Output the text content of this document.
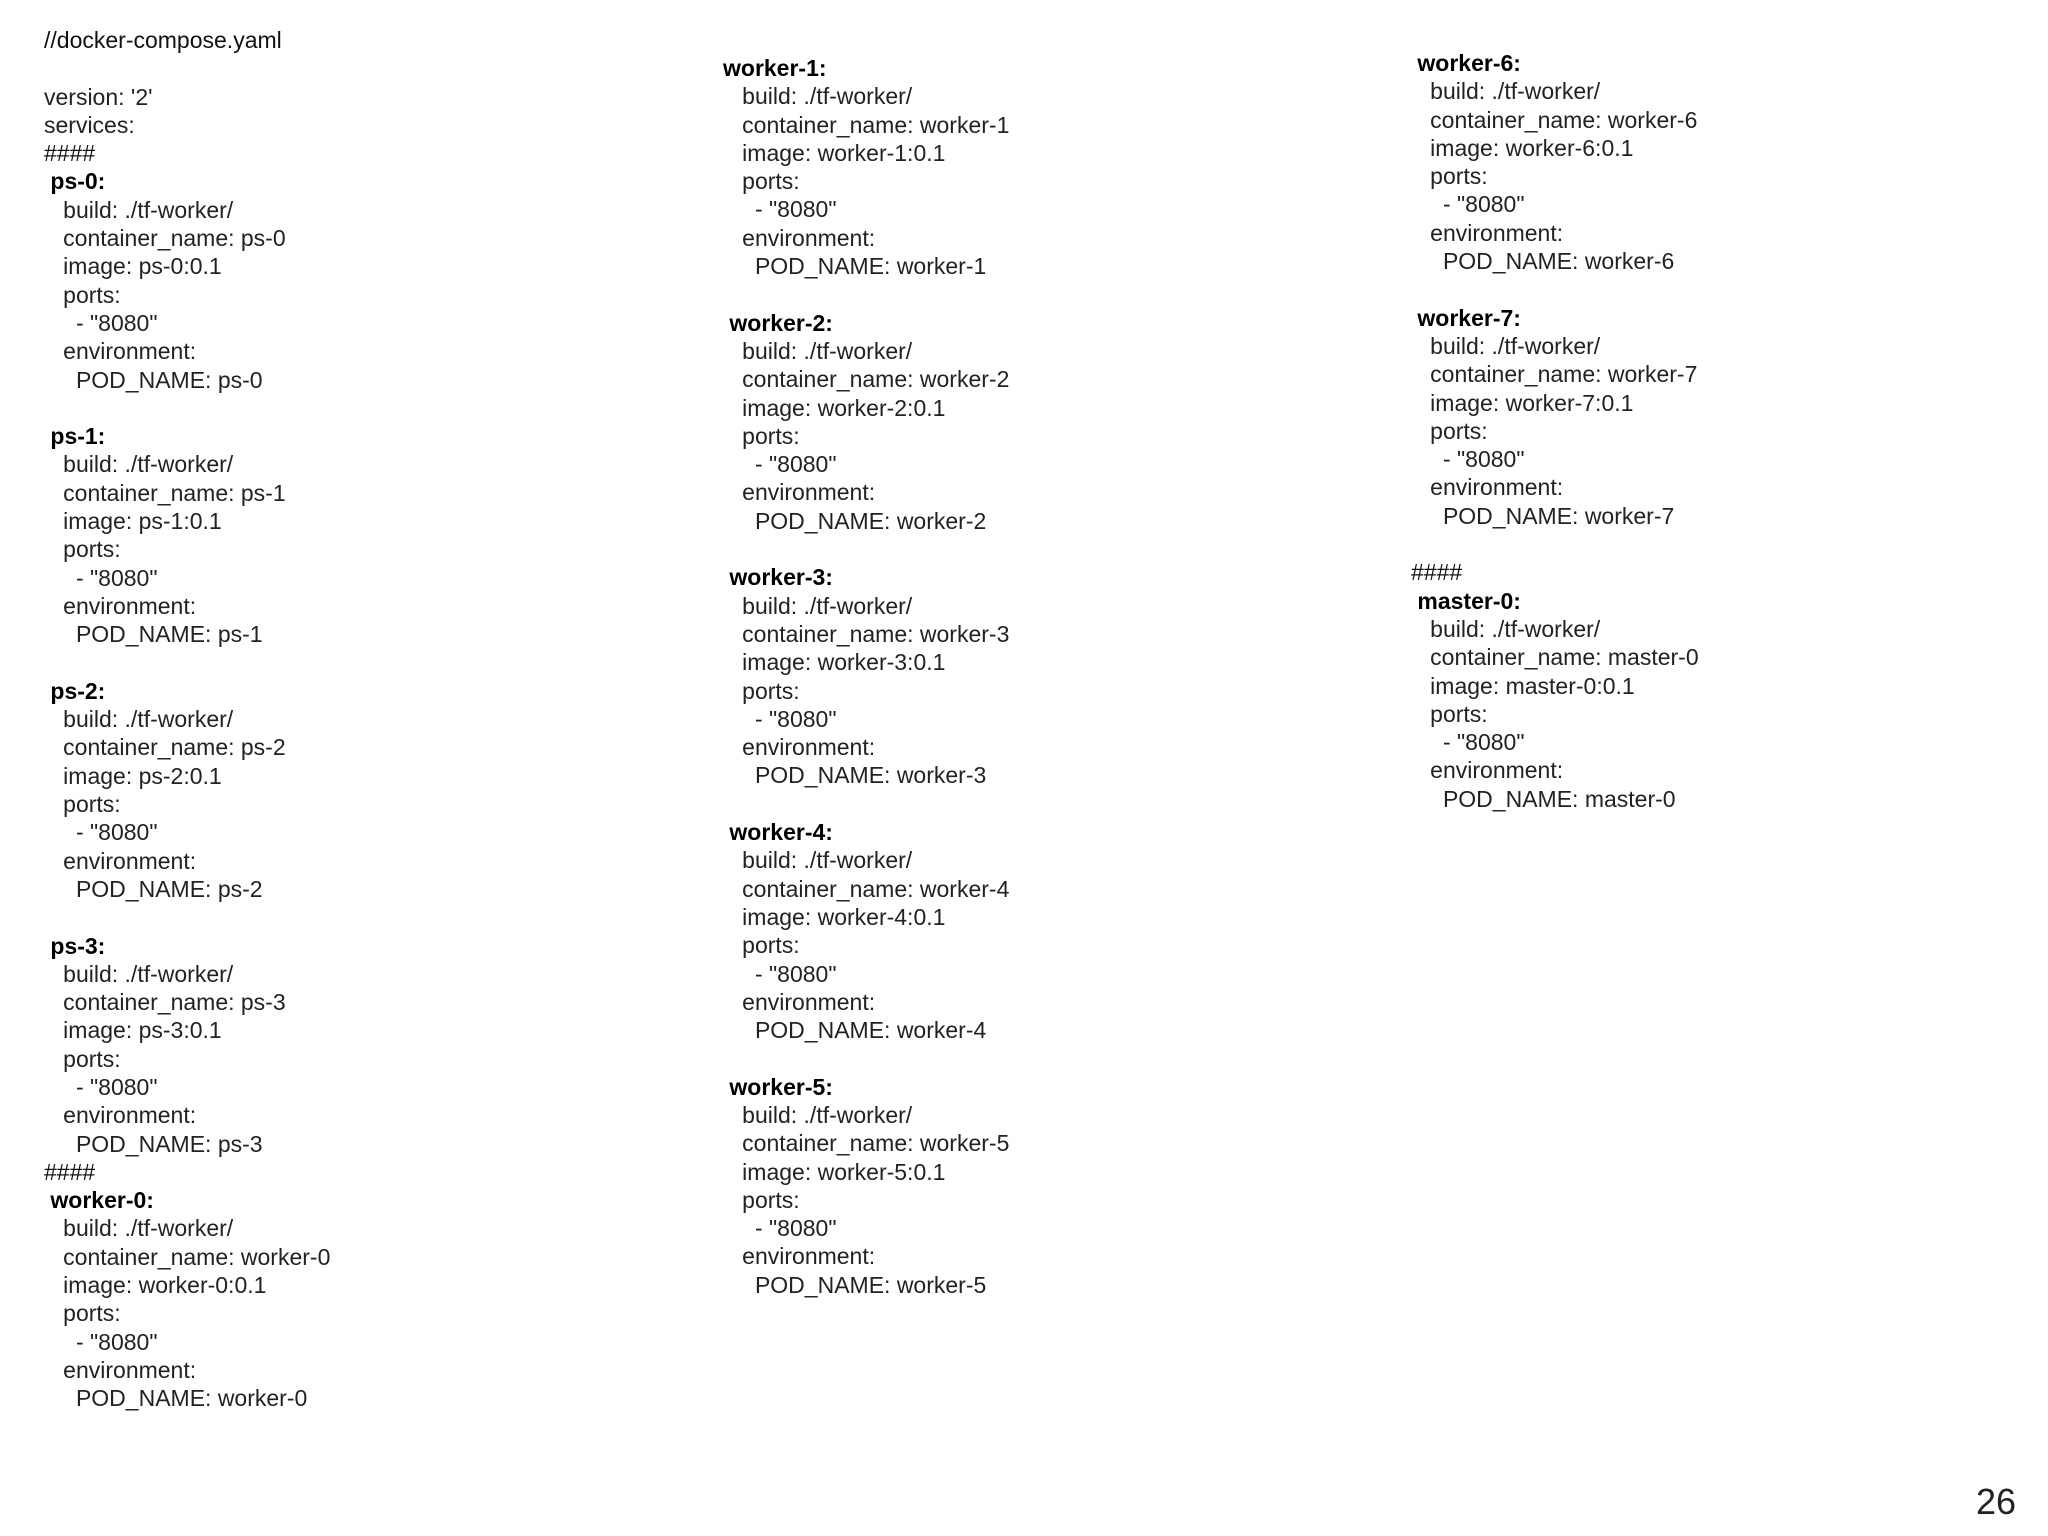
//docker-compose.yaml
version: '2'
services:
####
ps-0:
build: ./tf-worker/
container_name: ps-0
image: ps-0:0.1
ports:
- "8080"
environment:
POD_NAME: ps-0
ps-1:
build: ./tf-worker/
container_name: ps-1
image: ps-1:0.1
ports:
- "8080"
environment:
POD_NAME: ps-1
ps-2:
build: ./tf-worker/
container_name: ps-2
image: ps-2:0.1
ports:
- "8080"
environment:
POD_NAME: ps-2
ps-3:
build: ./tf-worker/
container_name: ps-3
image: ps-3:0.1
ports:
- "8080"
environment:
POD_NAME: ps-3
####
worker-0:
build: ./tf-worker/
container_name: worker-0
image: worker-0:0.1
ports:
- "8080"
environment:
POD_NAME: worker-0
worker-1:
build: ./tf-worker/
container_name: worker-1
image: worker-1:0.1
ports:
- "8080"
environment:
POD_NAME: worker-1
worker-2:
build: ./tf-worker/
container_name: worker-2
image: worker-2:0.1
ports:
- "8080"
environment:
POD_NAME: worker-2
worker-3:
build: ./tf-worker/
container_name: worker-3
image: worker-3:0.1
ports:
- "8080"
environment:
POD_NAME: worker-3
worker-4:
build: ./tf-worker/
container_name: worker-4
image: worker-4:0.1
ports:
- "8080"
environment:
POD_NAME: worker-4
worker-5:
build: ./tf-worker/
container_name: worker-5
image: worker-5:0.1
ports:
- "8080"
environment:
POD_NAME: worker-5
worker-6:
build: ./tf-worker/
container_name: worker-6
image: worker-6:0.1
ports:
- "8080"
environment:
POD_NAME: worker-6
worker-7:
build: ./tf-worker/
container_name: worker-7
image: worker-7:0.1
ports:
- "8080"
environment:
POD_NAME: worker-7
####
master-0:
build: ./tf-worker/
container_name: master-0
image: master-0:0.1
ports:
- "8080"
environment:
POD_NAME: master-0
26
